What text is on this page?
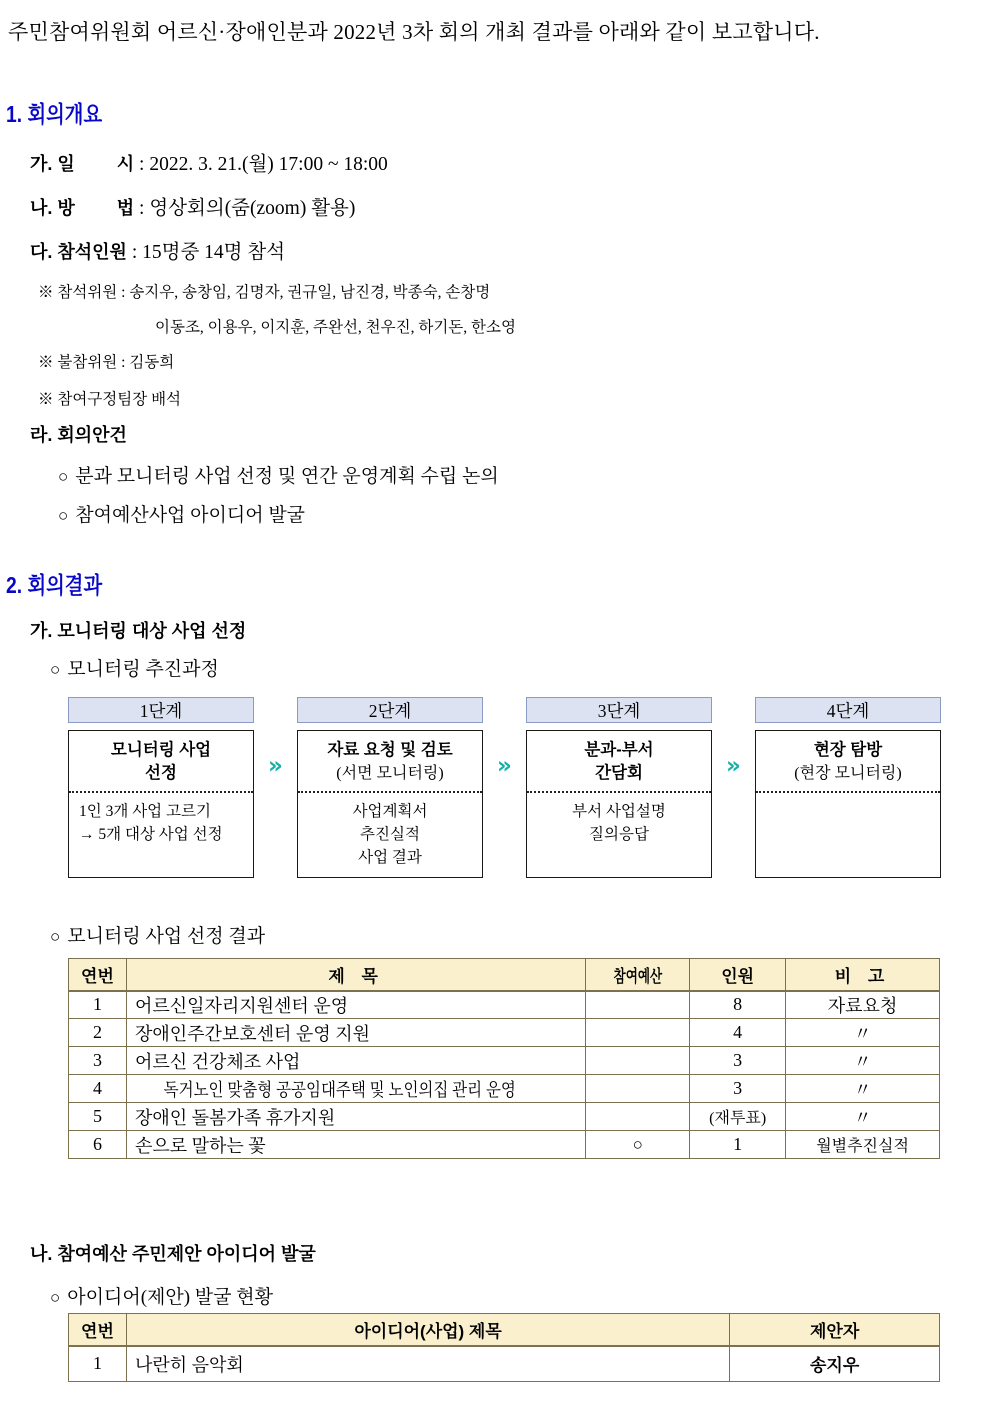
주민참여위원회 어르신·장애인분과 2022년 3차 회의 개최 결과를 아래와 같이 보고합니다.
1. 회의개요
가. 일 시 : 2022. 3. 21.(월) 17:00 ~ 18:00
나. 방 법 : 영상회의(줌(zoom) 활용)
다. 참석인원 : 15명중 14명 참석
※ 참석위원 : 송지우, 송창임, 김명자, 권규일, 남진경, 박종숙, 손창명
이동조, 이용우, 이지훈, 주완선, 천우진, 하기돈, 한소영
※ 불참위원 : 김동희
※ 참여구정팀장 배석
라. 회의안건
○ 분과 모니터링 사업 선정 및 연간 운영계획 수립 논의
○ 참여예산사업 아이디어 발굴
2. 회의결과
가. 모니터링 대상 사업 선정
○ 모니터링 추진과정
1단계
모니터링 사업
선정
1인 3개 사업 고르기
→ 5개 대상 사업 선정
»
2단계
자료 요청 및 검토
(서면 모니터링)
사업계획서
추진실적
사업 결과
»
3단계
분과-부서
간담회
부서 사업설명
질의응답
»
4단계
현장 탐방
(현장 모니터링)
○ 모니터링 사업 선정 결과
연번	제 목	참여예산	인원	비 고
1	어르신일자리지원센터 운영		8	자료요청
2	장애인주간보호센터 운영 지원		4	〃
3	어르신 건강체조 사업		3	〃
4	독거노인 맞춤형 공공임대주택 및 노인의집 관리 운영		3	〃
5	장애인 돌봄가족 휴가지원		(재투표)	〃
6	손으로 말하는 꽃	○	1	월별추진실적
나. 참여예산 주민제안 아이디어 발굴
○ 아이디어(제안) 발굴 현황
연번	아이디어(사업) 제목	제안자
1	나란히 음악회	송지우
